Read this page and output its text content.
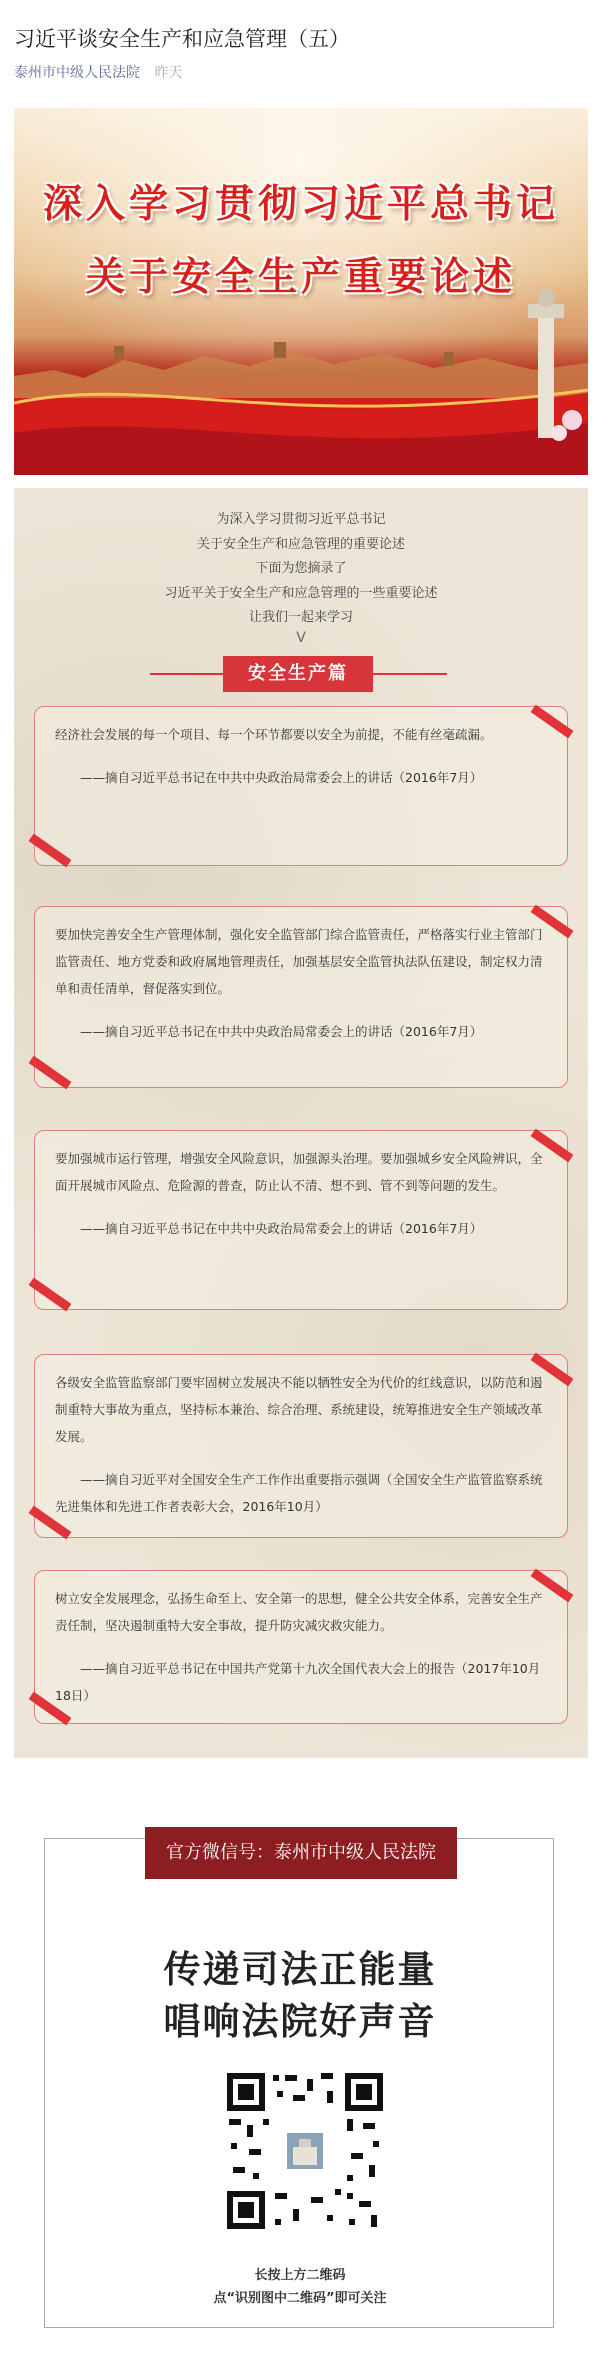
习近平谈安全生产和应急管理（五）
泰州市中级人民法院 昨天
深入学习贯彻习近平总书记
关于安全生产重要论述
为深入学习贯彻习近平总书记
关于安全生产和应急管理的重要论述
下面为您摘录了
习近平关于安全生产和应急管理的一些重要论述
让我们一起来学习
V
安全生产篇
经济社会发展的每一个项目、每一个环节都要以安全为前提，不能有丝毫疏漏。
——摘自习近平总书记在中共中央政治局常委会上的讲话（2016年7月）
要加快完善安全生产管理体制，强化安全监管部门综合监管责任，严格落实行业主管部门监管责任、地方党委和政府属地管理责任，加强基层安全监管执法队伍建设，制定权力清单和责任清单，督促落实到位。
——摘自习近平总书记在中共中央政治局常委会上的讲话（2016年7月）
要加强城市运行管理，增强安全风险意识，加强源头治理。要加强城乡安全风险辨识，全面开展城市风险点、危险源的普查，防止认不清、想不到、管不到等问题的发生。
——摘自习近平总书记在中共中央政治局常委会上的讲话（2016年7月）
各级安全监管监察部门要牢固树立发展决不能以牺牲安全为代价的红线意识，以防范和遏制重特大事故为重点，坚持标本兼治、综合治理、系统建设，统筹推进安全生产领域改革发展。
——摘自习近平对全国安全生产工作作出重要指示强调（全国安全生产监管监察系统先进集体和先进工作者表彰大会，2016年10月）
树立安全发展理念，弘扬生命至上、安全第一的思想，健全公共安全体系，完善安全生产责任制，坚决遏制重特大安全事故，提升防灾减灾救灾能力。
——摘自习近平总书记在中国共产党第十九次全国代表大会上的报告（2017年10月18日）
官方微信号：泰州市中级人民法院
传递司法正能量
唱响法院好声音
长按上方二维码
点“识别图中二维码”即可关注
